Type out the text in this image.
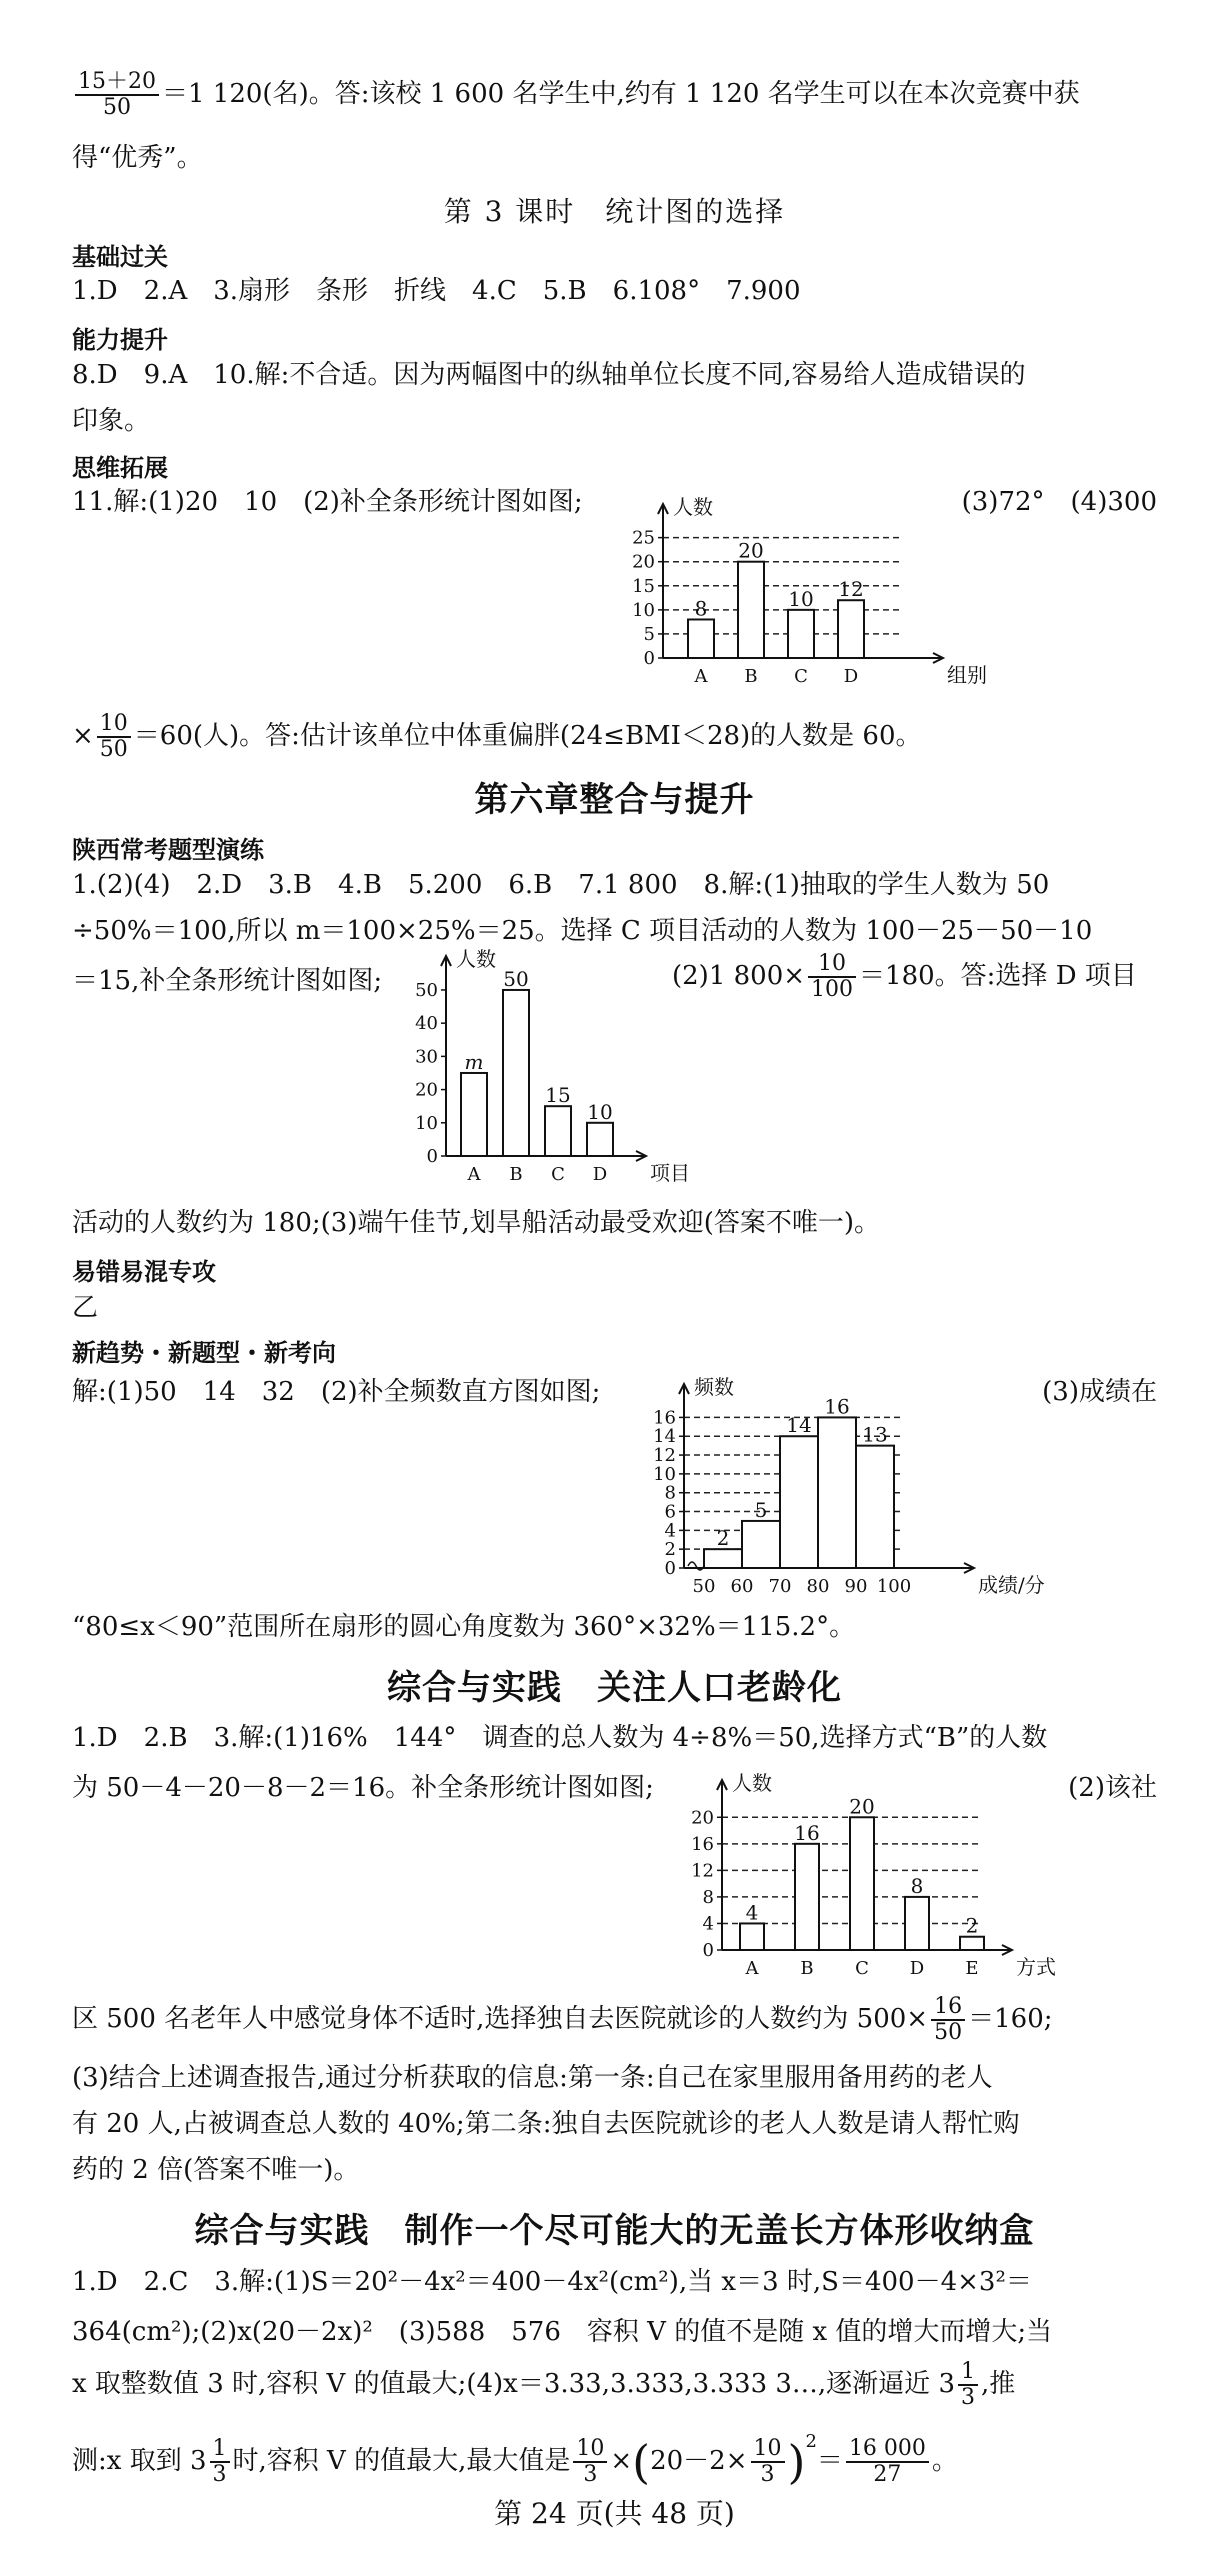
$\frac{15+20}{50} =1$ 120(名)。答:该校 1 600 名学生中,约有 1 120 名学生可以在本次竞赛中获
得“优秀”。
第 3 课时　统计图的选择
基础过关
1.D　2.A　3.扇形　条形　折线　4.C　5.B　6.108°　7.900
能力提升
8.D　9.A　10.解:不合适。因为两幅图中的纵轴单位长度不同,容易给人造成错误的
印象。
思维拓展
11.解:(1)20　10　(2)补全条形统计图如图;	(3)72°　(4)300
0
5
10
15
20
25
人数
组别
8
A
20
B
10
C
12
D
× $\frac{10}{50} =60$(人)。答:估计该单位中体重偏胖(24≤BMI＜28)的人数是 60。
第六章整合与提升
陕西常考题型演练
1.(2)(4)　2.D　3.B　4.B　5.200　6.B　7.1 800　8.解:(1)抽取的学生人数为 50
÷50%＝100,所以 m＝100×25%＝25。选择 C 项目活动的人数为 100－25－50－10
＝15,补全条形统计图如图;	(2)1 $800\times \frac{10}{100} =180$。答:选择 D 项目
0
10
20
30
40
50
人数
项目
m
A
50
B
15
C
10
D
活动的人数约为 180;(3)端午佳节,划旱船活动最受欢迎(答案不唯一)。
易错易混专攻
乙
新趋势・新题型・新考向
解:(1)50　14　32　(2)补全频数直方图如图;	(3)成绩在
0
2
4
6
8
10
12
14
16
频数
成绩/分
50 60 70 80 90 100
2
5
14
16
13
“80≤x＜90”范围所在扇形的圆心角度数为 360°×32%＝115.2°。
综合与实践　关注人口老龄化
1.D　2.B　3.解:(1)16%　144°　调查的总人数为 4÷8%＝50,选择方式“B”的人数
为 50－4－20－8－2＝16。补全条形统计图如图;	(2)该社
0
4
8
12
16
20
人数
方式
4
A
16
B
20
C
8
D
2
E
区 500 名老年人中感觉身体不适时,选择独自去医院就诊的人数约为 $500\times \frac{16}{50} =160$;
(3)结合上述调查报告,通过分析获取的信息:第一条:自己在家里服用备用药的老人
有 20 人,占被调查总人数的 40%;第二条:独自去医院就诊的老人人数是请人帮忙购
药的 2 倍(答案不唯一)。
综合与实践　制作一个尽可能大的无盖长方体形收纳盒
1.D　2.C　3.解:(1)S＝20²－4x²＝400－4x²(cm²),当 x＝3 时,S＝400－4×3²＝
364(cm²);(2)x(20－2x)²　(3)588　576　容积 V 的值不是随 x 值的增大而增大;当
x 取整数值 3 时,容积 V 的值最大;(4)x＝3.33,3.333,3.333 3…,逐渐逼近 $3 \frac{1}{3}$ ,推
测:x 取到 $3 \frac{1}{3}$ 时,容积 V 的值最大,最大值是 $\frac{10}{3} \times(20-2\times \frac{10}{3} )^2= \frac{16 000}{27}$ 。
第 24 页(共 48 页)
